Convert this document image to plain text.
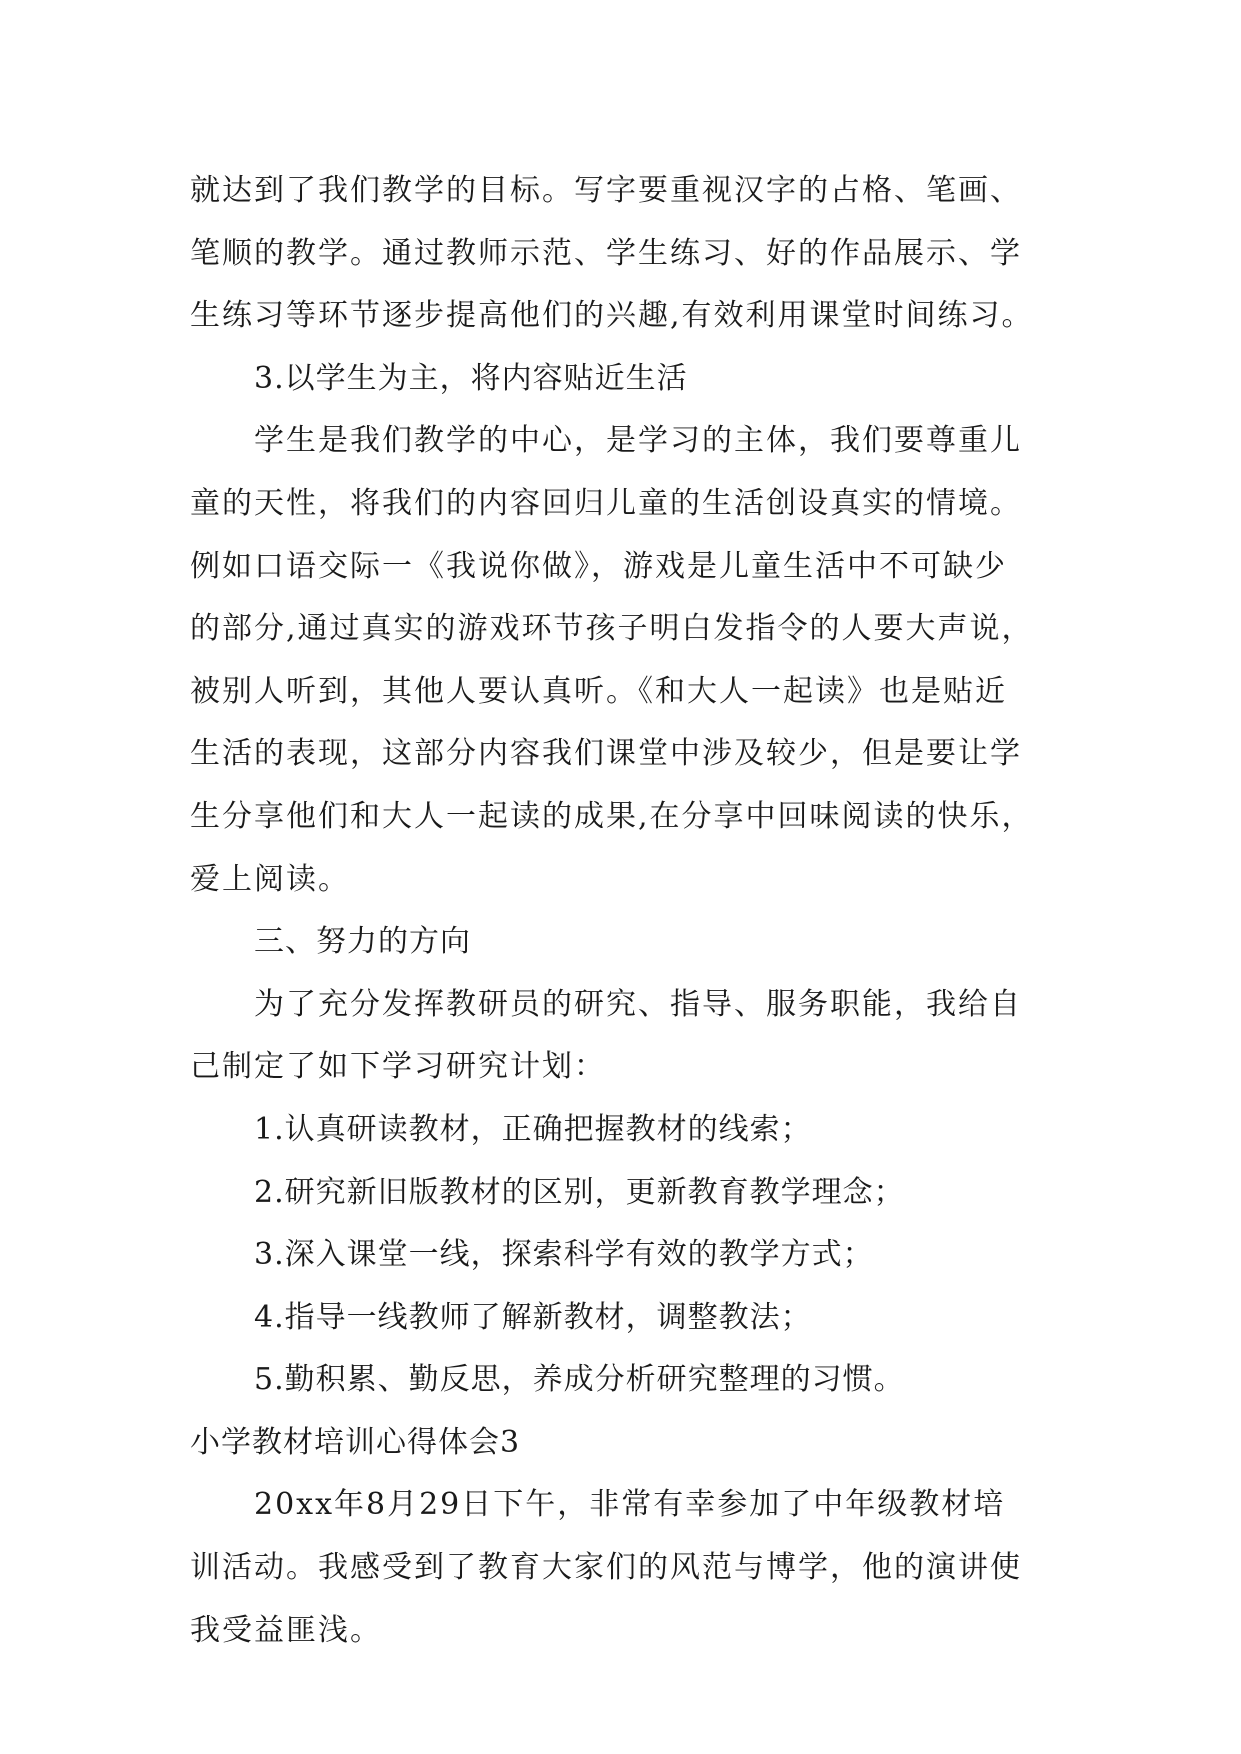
就达到了我们教学的目标。写字要重视汉字的占格、笔画、
笔顺的教学。通过教师示范、学生练习、好的作品展示、学
生练习等环节逐步提高他们的兴趣,有效利用课堂时间练习。
3.以学生为主，将内容贴近生活
学生是我们教学的中心，是学习的主体，我们要尊重儿
童的天性，将我们的内容回归儿童的生活创设真实的情境。
例如口语交际一《我说你做》，游戏是儿童生活中不可缺少
的部分,通过真实的游戏环节孩子明白发指令的人要大声说，
被别人听到，其他人要认真听。《和大人一起读》也是贴近
生活的表现，这部分内容我们课堂中涉及较少，但是要让学
生分享他们和大人一起读的成果,在分享中回味阅读的快乐，
爱上阅读。
三、努力的方向
为了充分发挥教研员的研究、指导、服务职能，我给自
己制定了如下学习研究计划：
1.认真研读教材，正确把握教材的线索；
2.研究新旧版教材的区别，更新教育教学理念；
3.深入课堂一线，探索科学有效的教学方式；
4.指导一线教师了解新教材，调整教法；
5.勤积累、勤反思，养成分析研究整理的习惯。
小学教材培训心得体会3
20xx年8月29日下午，非常有幸参加了中年级教材培
训活动。我感受到了教育大家们的风范与博学，他的演讲使
我受益匪浅。
